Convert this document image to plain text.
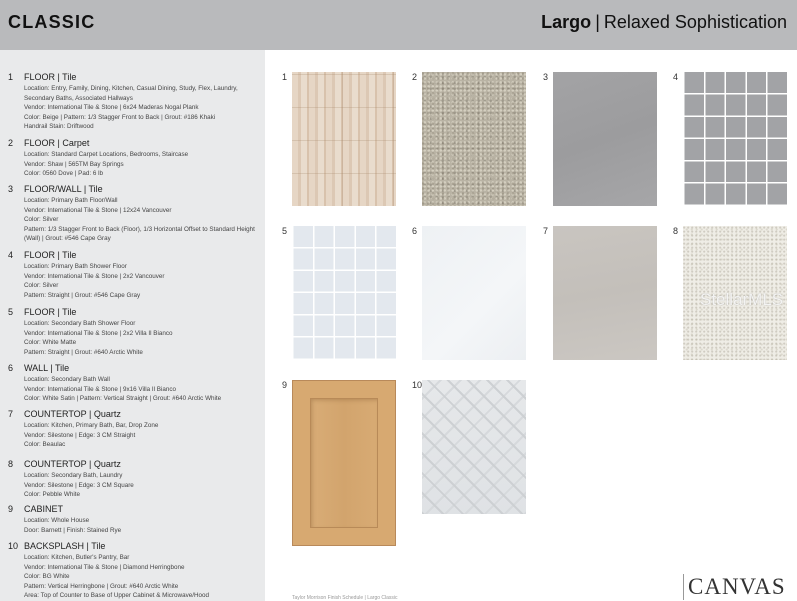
CLASSIC	Largo | Relaxed Sophistication
1 FLOOR | Tile
Location: Entry, Family, Dining, Kitchen, Casual Dining, Study, Flex, Laundry, Secondary Baths, Associated Hallways
Vendor: International Tile & Stone | 6x24 Maderas Nogal Plank
Color: Beige | Pattern: 1/3 Stagger Front to Back | Grout: #186 Khaki
Handrail Stain: Driftwood
2 FLOOR | Carpet
Location: Standard Carpet Locations, Bedrooms, Staircase
Vendor: Shaw | 565TM Bay Springs
Color: 0560 Dove | Pad: 6 lb
3 FLOOR/WALL | Tile
Location: Primary Bath Floor/Wall
Vendor: International Tile & Stone | 12x24 Vancouver
Color: Silver
Pattern: 1/3 Stagger Front to Back (Floor), 1/3 Horizontal Offset to Standard Height (Wall) | Grout: #546 Cape Gray
4 FLOOR | Tile
Location: Primary Bath Shower Floor
Vendor: International Tile & Stone | 2x2 Vancouver
Color: Silver
Pattern: Straight | Grout: #546 Cape Gray
5 FLOOR | Tile
Location: Secondary Bath Shower Floor
Vendor: International Tile & Stone | 2x2 Villa Il Bianco
Color: White Matte
Pattern: Straight | Grout: #640 Arctic White
6 WALL | Tile
Location: Secondary Bath Wall
Vendor: International Tile & Stone | 9x16 Villa Il Bianco
Color: White Satin | Pattern: Vertical Straight | Grout: #640 Arctic White
7 COUNTERTOP | Quartz
Location: Kitchen, Primary Bath, Bar, Drop Zone
Vendor: Silestone | Edge: 3 CM Straight
Color: Beaulac
8 COUNTERTOP | Quartz
Location: Secondary Bath, Laundry
Vendor: Silestone | Edge: 3 CM Square
Color: Pebble White
9 CABINET
Location: Whole House
Door: Barnett | Finish: Stained Rye
10 BACKSPLASH | Tile
Location: Kitchen, Butler's Pantry, Bar
Vendor: International Tile & Stone | Diamond Herringbone
Color: BG White
Pattern: Vertical Herringbone | Grout: #640 Arctic White
Area: Top of Counter to Base of Upper Cabinet & Microwave/Hood
1	2	3	4
5	6	7	8
9	10
StellarMLS
CANVAS
Taylor Morrison Finish Schedule | Largo Classic
